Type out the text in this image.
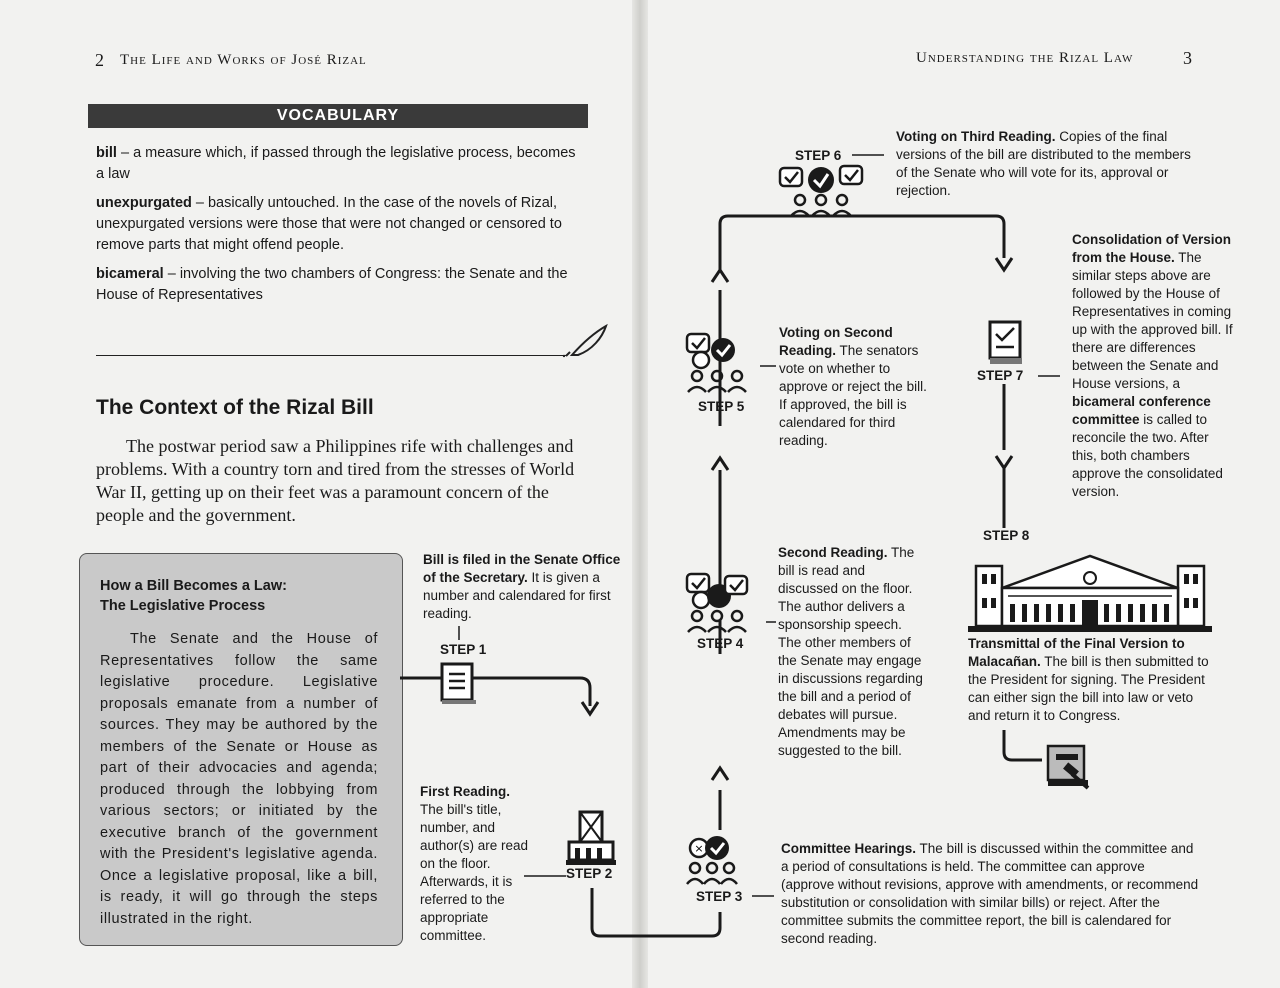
2 The Life and Works of José Rizal	Understanding the Rizal Law	3
VOCABULARY
bill – a measure which, if passed through the legislative process, becomes a law
unexpurgated – basically untouched. In the case of the novels of Rizal, unexpurgated versions were those that were not changed or censored to remove parts that might offend people.
bicameral – involving the two chambers of Congress: the Senate and the House of Representatives
The Context of the Rizal Bill
The postwar period saw a Philippines rife with challenges and problems. With a country torn and tired from the stresses of World War II, getting up on their feet was a paramount concern of the people and the government.
How a Bill Becomes a Law:
The Legislative Process
The Senate and the House of Representatives follow the same legislative procedure. Legislative proposals emanate from a number of sources. They may be authored by the members of the Senate or House as part of their advocacies and agenda; produced through the lobbying from various sectors; or initiated by the executive branch of the government with the President's legislative agenda. Once a legislative proposal, like a bill, is ready, it will go through the steps illustrated in the right.
×
STEP 1
STEP 2
STEP 3
STEP 4
STEP 5
STEP 6
STEP 7
STEP 8
Bill is filed in the Senate Office of the Secretary. It is given a number and calendared for first reading.
First Reading. The bill's title, number, and author(s) are read on the floor. Afterwards, it is referred to the appropriate committee.
Committee Hearings. The bill is discussed within the committee and a period of consultations is held. The committee can approve (approve without revisions, approve with amendments, or recommend substitution or consolidation with similar bills) or reject. After the committee submits the committee report, the bill is calendared for second reading.
Second Reading. The bill is read and discussed on the floor. The author delivers a sponsorship speech. The other members of the Senate may engage in discussions regarding the bill and a period of debates will pursue. Amendments may be suggested to the bill.
Voting on Second Reading. The senators vote on whether to approve or reject the bill. If approved, the bill is calendared for third reading.
Voting on Third Reading. Copies of the final versions of the bill are distributed to the members of the Senate who will vote for its, approval or rejection.
Consolidation of Version from the House. The similar steps above are followed by the House of Representatives in coming up with the approved bill. If there are differences between the Senate and House versions, a bicameral conference committee is called to reconcile the two. After this, both chambers approve the consolidated version.
Transmittal of the Final Version to Malacañan. The bill is then submitted to the President for signing. The President can either sign the bill into law or veto and return it to Congress.
